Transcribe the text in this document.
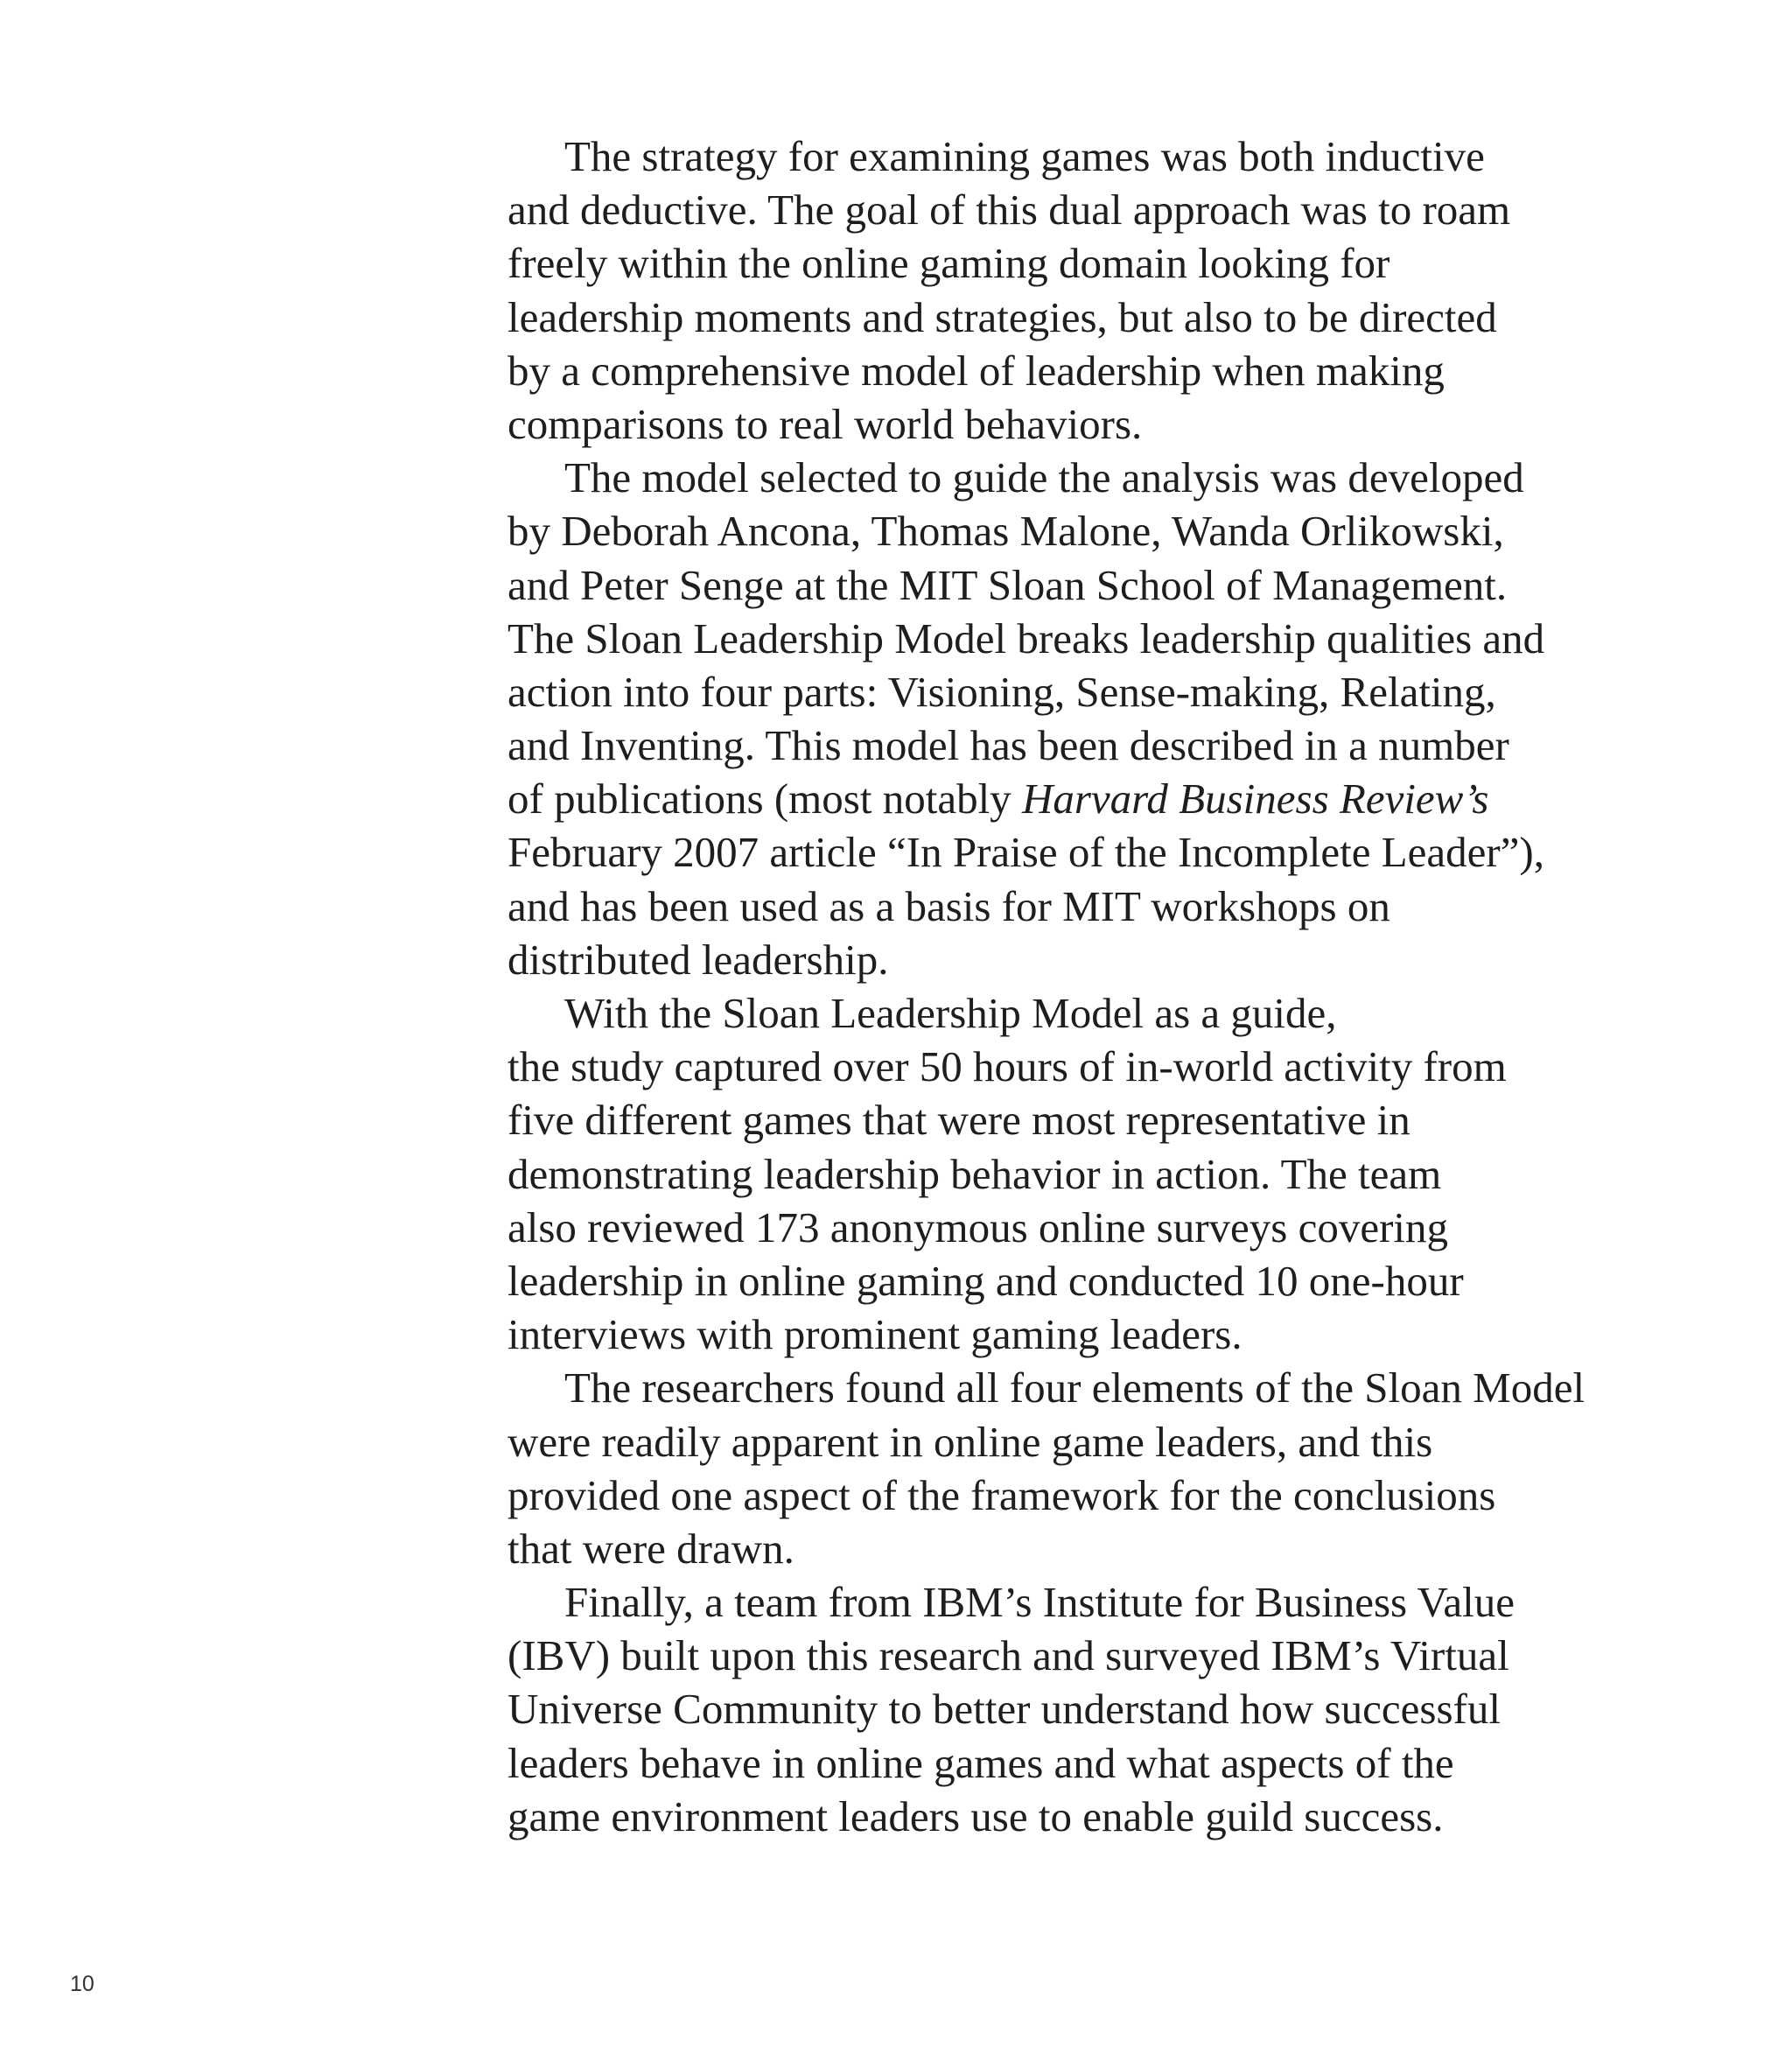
The strategy for examining games was both inductive
and deductive. The goal of this dual approach was to roam
freely within the online gaming domain looking for
leadership moments and strategies, but also to be directed
by a comprehensive model of leadership when making
comparisons to real world behaviors.

The model selected to guide the analysis was developed
by Deborah Ancona, Thomas Malone, Wanda Orlikowski,
and Peter Senge at the MIT Sloan School of Management.
The Sloan Leadership Model breaks leadership qualities and
action into four parts: Visioning, Sense-making, Relating,
and Inventing. This model has been described in a number
of publications (most notably Harvard Business Review’s
February 2007 article “In Praise of the Incomplete Leader”),
and has been used as a basis for MIT workshops on
distributed leadership.

With the Sloan Leadership Model as a guide,
the study captured over 50 hours of in-world activity from
five different games that were most representative in
demonstrating leadership behavior in action. The team
also reviewed 173 anonymous online surveys covering
leadership in online gaming and conducted 10 one-hour
interviews with prominent gaming leaders.

The researchers found all four elements of the Sloan Model
were readily apparent in online game leaders, and this
provided one aspect of the framework for the conclusions
that were drawn.

Finally, a team from IBM’s Institute for Business Value
(IBV) built upon this research and surveyed IBM’s Virtual
Universe Community to better understand how successful
leaders behave in online games and what aspects of the
game environment leaders use to enable guild success.

10
